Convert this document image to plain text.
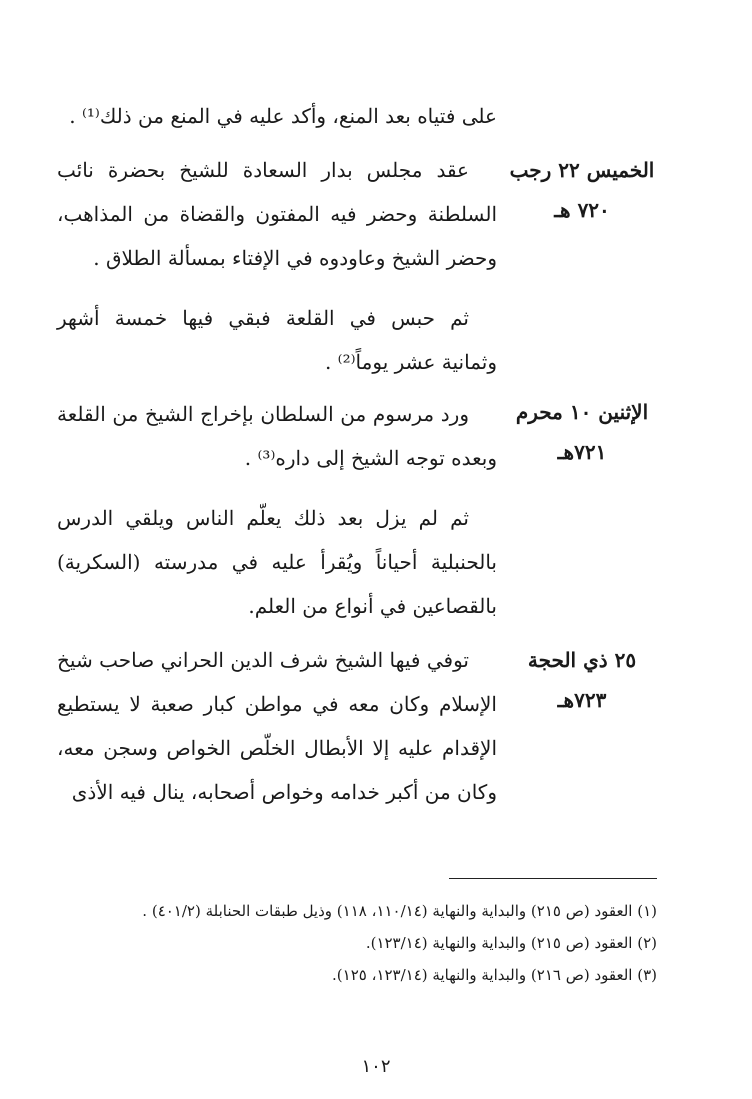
على فتياه بعد المنع، وأكد عليه في المنع من ذلك⁽¹⁾ .

الخميس ٢٢ رجب
٧٢٠ هـ

عقد مجلس بدار السعادة للشيخ بحضرة نائب السلطنة وحضر فيه المفتون والقضاة من المذاهب، وحضر الشيخ وعاودوه في الإفتاء بمسألة الطلاق .

ثم حبس في القلعة فبقي فيها خمسة أشهر وثمانية عشر يوماً⁽²⁾ .

الإثنين ١٠ محرم
٧٢١هـ

ورد مرسوم من السلطان بإخراج الشيخ من القلعة وبعده توجه الشيخ إلى داره⁽³⁾ .

ثم لم يزل بعد ذلك يعلّم الناس ويلقي الدرس بالحنبلية أحياناً ويُقرأ عليه في مدرسته (السكرية) بالقصاعين في أنواع من العلم.

٢٥ ذي الحجة
٧٢٣هـ

توفي فيها الشيخ شرف الدين الحراني صاحب شيخ الإسلام وكان معه في مواطن كبار صعبة لا يستطيع الإقدام عليه إلا الأبطال الخلّص الخواص وسجن معه، وكان من أكبر خدامه وخواص أصحابه، ينال فيه الأذى

(١) العقود (ص ٢١٥) والبداية والنهاية (١١٠/١٤، ١١٨) وذيل طبقات الحنابلة (٤٠١/٢) .
(٢) العقود (ص ٢١٥) والبداية والنهاية (١٢٣/١٤).
(٣) العقود (ص ٢١٦) والبداية والنهاية (١٢٣/١٤، ١٢٥).
١٠٢
